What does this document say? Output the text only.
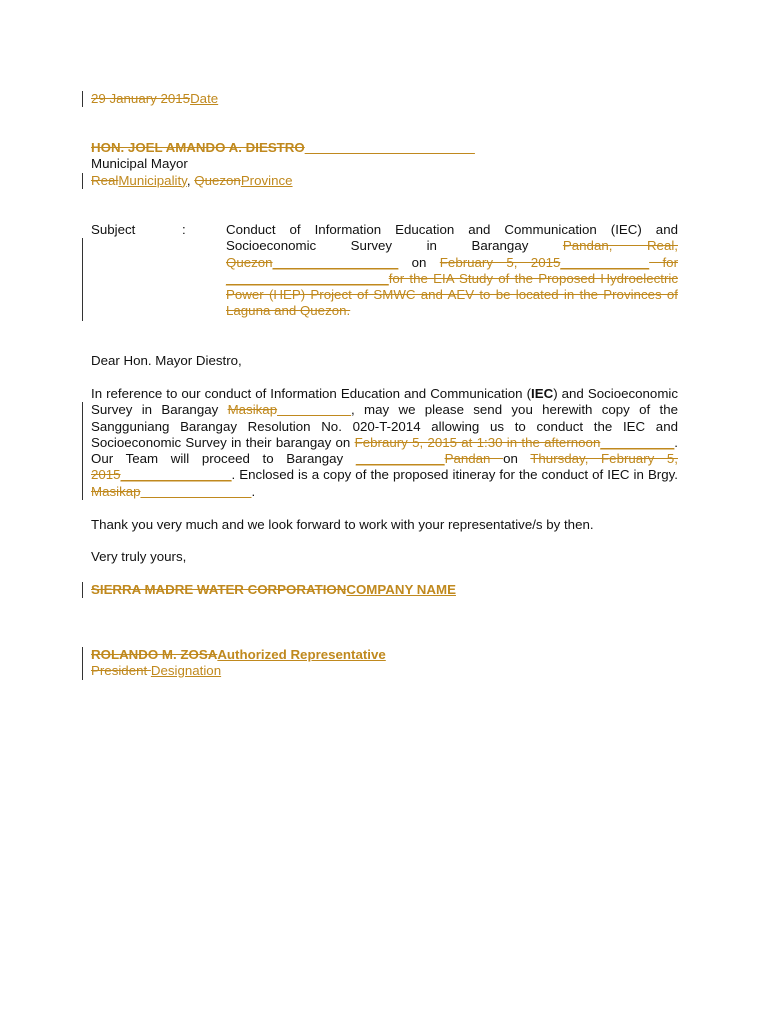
29 January 2015Date
HON. JOEL AMANDO A. DIESTRO_______________________
Municipal Mayor
RealMunicipality, QuezonProvince
Subject	:	Conduct of Information Education and Communication (IEC) and Socioeconomic Survey in Barangay Pandan, Real, Quezon_________________ on February 5, 2015____________ for ______________________for the EIA Study of the Proposed Hydroelectric Power (HEP) Project of SMWC and AEV to be located in the Provinces of Laguna and Quezon.
Dear Hon. Mayor Diestro,
In reference to our conduct of Information Education and Communication (IEC) and Socioeconomic Survey in Barangay Masikap__________, may we please send you herewith copy of the Sangguniang Barangay Resolution No. 020-T-2014 allowing us to conduct the IEC and Socioeconomic Survey in their barangay on Febraury 5, 2015 at 1:30 in the afternoon__________. Our Team will proceed to Barangay ____________Pandan on Thursday, February 5, 2015_______________. Enclosed is a copy of the proposed itineray for the conduct of IEC in Brgy. Masikap_______________.
Thank you very much and we look forward to work with your representative/s by then.
Very truly yours,
SIERRA MADRE WATER CORPORATIONCOMPANY NAME
ROLANDO M. ZOSAAuthorized Representative
President Designation
